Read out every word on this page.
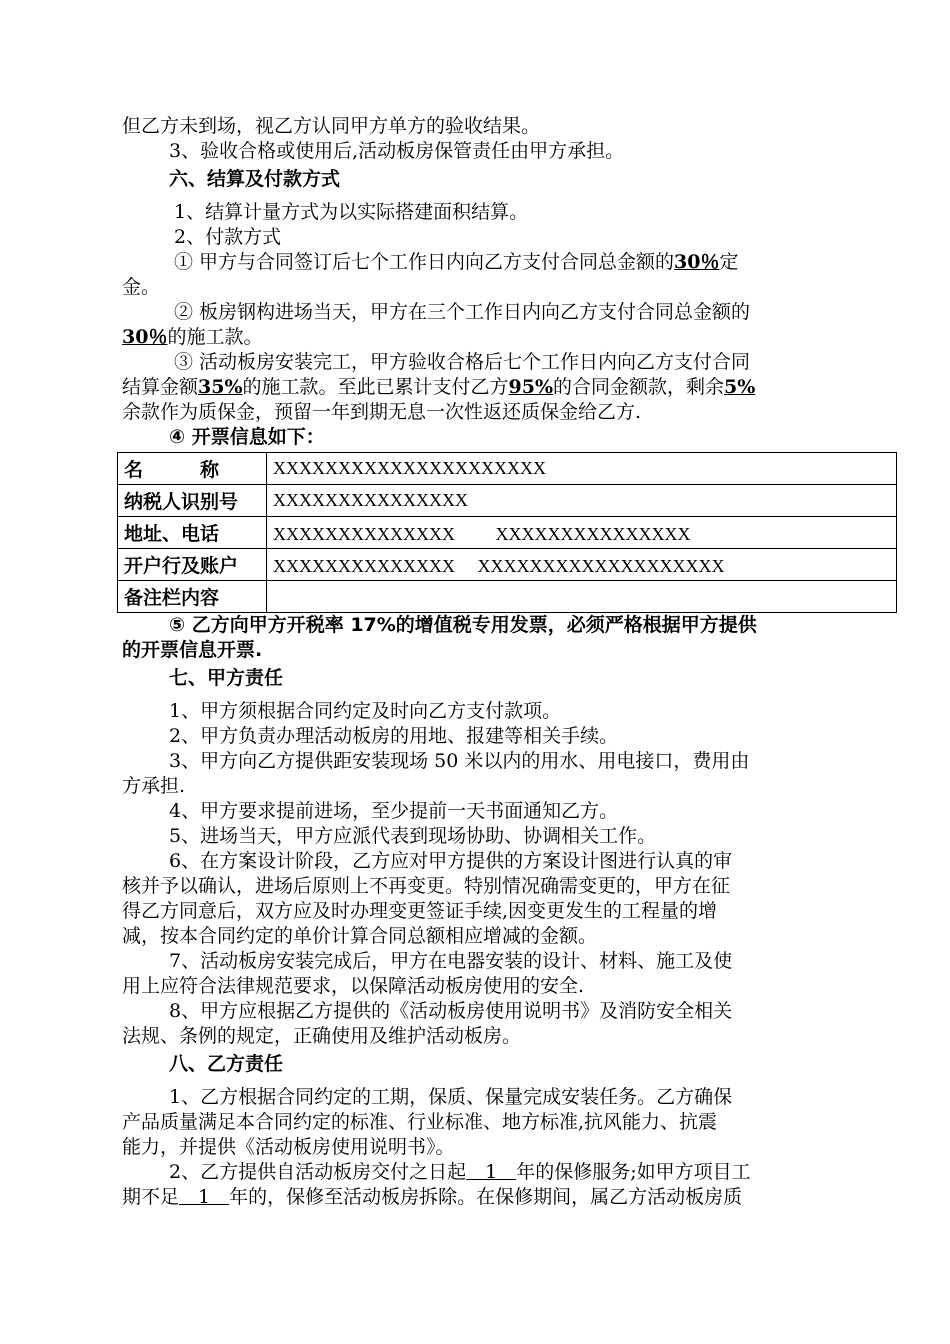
但乙方未到场，视乙方认同甲方单方的验收结果。

3、验收合格或使用后,活动板房保管责任由甲方承担。

六、结算及付款方式

1、结算计量方式为以实际搭建面积结算。

2、付款方式

① 甲方与合同签订后七个工作日内向乙方支付合同总金额的30％定

金。

② 板房钢构进场当天，甲方在三个工作日内向乙方支付合同总金额的

30％的施工款。

③ 活动板房安装完工，甲方验收合格后七个工作日内向乙方支付合同

结算金额35%的施工款。至此已累计支付乙方95%的合同金额款，剩余5%

余款作为质保金，预留一年到期无息一次性返还质保金给乙方.

④ 开票信息如下：

名　　　称	XXXXXXXXXXXXXXXXXXXXX
纳税人识别号	XXXXXXXXXXXXXXX
地址、电话	XXXXXXXXXXXXXX　　 XXXXXXXXXXXXXXX
开户行及账户	XXXXXXXXXXXXXX　 XXXXXXXXXXXXXXXXXXX
备注栏内容	

⑤ 乙方向甲方开税率 17%的增值税专用发票，必须严格根据甲方提供

的开票信息开票.

七、甲方责任

1、甲方须根据合同约定及时向乙方支付款项。

2、甲方负责办理活动板房的用地、报建等相关手续。

3、甲方向乙方提供距安装现场 50 米以内的用水、用电接口，费用由

方承担.

4、甲方要求提前进场，至少提前一天书面通知乙方。

5、进场当天，甲方应派代表到现场协助、协调相关工作。

6、在方案设计阶段，乙方应对甲方提供的方案设计图进行认真的审

核并予以确认，进场后原则上不再变更。特别情况确需变更的，甲方在征

得乙方同意后，双方应及时办理变更签证手续,因变更发生的工程量的增

减，按本合同约定的单价计算合同总额相应增减的金额。

7、活动板房安装完成后，甲方在电器安装的设计、材料、施工及使

用上应符合法律规范要求，以保障活动板房使用的安全.

8、甲方应根据乙方提供的《活动板房使用说明书》及消防安全相关

法规、条例的规定，正确使用及维护活动板房。

八、乙方责任

1、乙方根据合同约定的工期，保质、保量完成安装任务。乙方确保

产品质量满足本合同约定的标准、行业标准、地方标准,抗风能力、抗震

能力，并提供《活动板房使用说明书》。

2、乙方提供自活动板房交付之日起　1　年的保修服务;如甲方项目工

期不足　1　年的，保修至活动板房拆除。在保修期间，属乙方活动板房质
